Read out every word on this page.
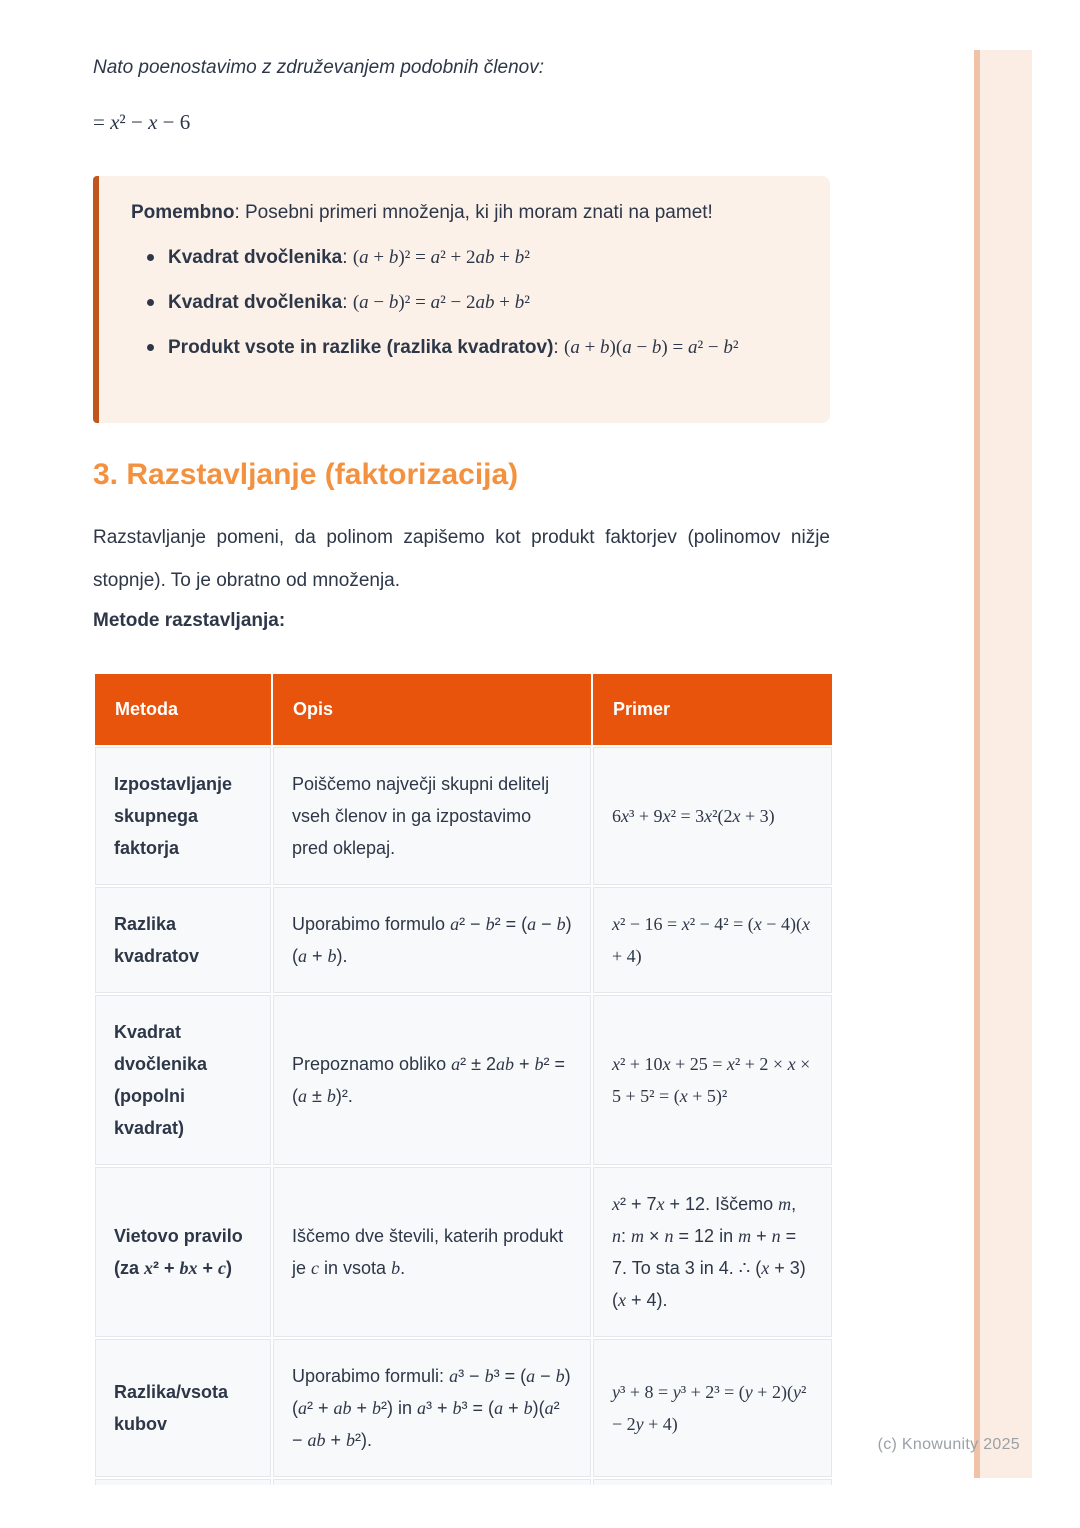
Nato poenostavimo z združevanjem podobnih členov:

= x² − x − 6

Pomembno: Posebni primeri množenja, ki jih moram znati na pamet!

Kvadrat dvočlenika: (a + b)² = a² + 2ab + b²
Kvadrat dvočlenika: (a − b)² = a² − 2ab + b²
Produkt vsote in razlike (razlika kvadratov): (a + b)(a − b) = a² − b²
3. Razstavljanje (faktorizacija)

Razstavljanje pomeni, da polinom zapišemo kot produkt faktorjev (polinomov nižje stopnje). To je obratno od množenja.

Metode razstavljanja:

Metoda	Opis	Primer
Izpostavljanje skupnega faktorja	Poiščemo največji skupni delitelj vseh členov in ga izpostavimo pred oklepaj.	6x³ + 9x² = 3x²(2x + 3)
Razlika kvadratov	Uporabimo formulo a² − b² = (a − b)(a + b).	x² − 16 = x² − 4² = (x − 4)(x + 4)
Kvadrat dvočlenika (popolni kvadrat)	Prepoznamo obliko a² ± 2ab + b² = (a ± b)².	x² + 10x + 25 = x² + 2 × x × 5 + 5² = (x + 5)²
Vietovo pravilo (za x² + bx + c)	Iščemo dve števili, katerih produkt je c in vsota b.	x² + 7x + 12. Iščemo m, n: m × n = 12 in m + n = 7. To sta 3 in 4. ∴ (x + 3)(x + 4).
Razlika/vsota kubov	Uporabimo formuli: a³ − b³ = (a − b)(a² + ab + b²) in a³ + b³ = (a + b)(a² − ab + b²).	y³ + 8 = y³ + 2³ = (y + 2)(y² − 2y + 4)

(c) Knowunity 2025
